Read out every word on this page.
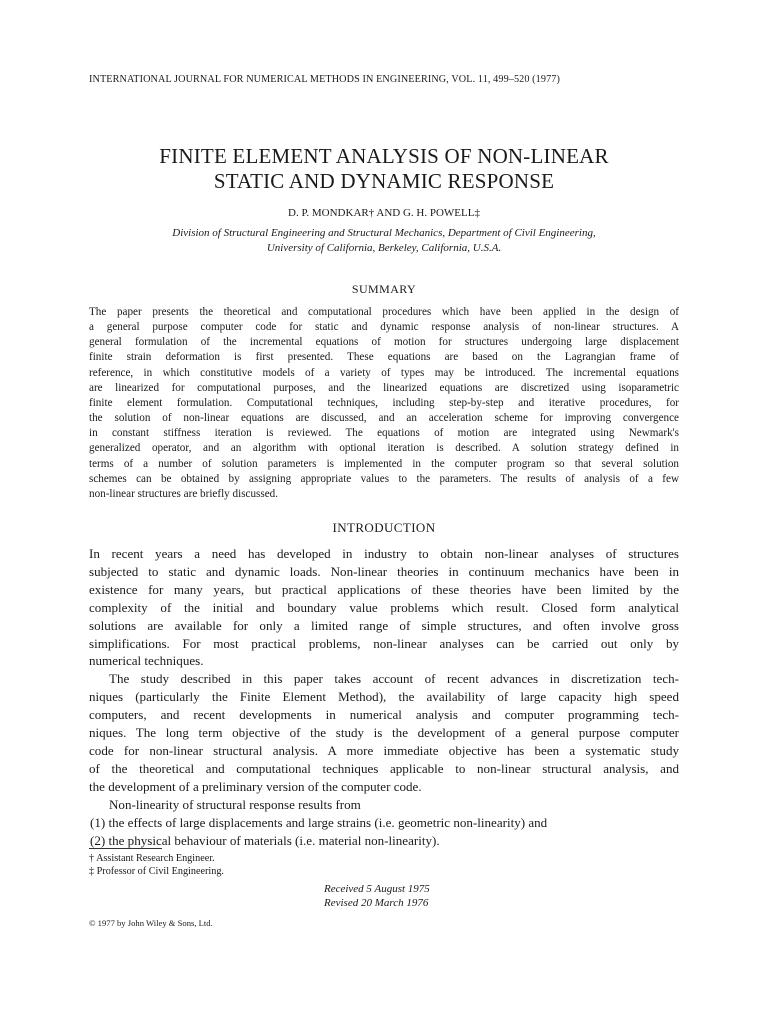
INTERNATIONAL JOURNAL FOR NUMERICAL METHODS IN ENGINEERING, VOL. 11, 499–520 (1977)
FINITE ELEMENT ANALYSIS OF NON-LINEAR
STATIC AND DYNAMIC RESPONSE
D. P. MONDKAR† AND G. H. POWELL‡
Division of Structural Engineering and Structural Mechanics, Department of Civil Engineering,
University of California, Berkeley, California, U.S.A.
SUMMARY
The paper presents the theoretical and computational procedures which have been applied in the design of
a general purpose computer code for static and dynamic response analysis of non-linear structures. A
general formulation of the incremental equations of motion for structures undergoing large displacement
finite strain deformation is first presented. These equations are based on the Lagrangian frame of
reference, in which constitutive models of a variety of types may be introduced. The incremental equations
are linearized for computational purposes, and the linearized equations are discretized using isoparametric
finite element formulation. Computational techniques, including step-by-step and iterative procedures, for
the solution of non-linear equations are discussed, and an acceleration scheme for improving convergence
in constant stiffness iteration is reviewed. The equations of motion are integrated using Newmark's
generalized operator, and an algorithm with optional iteration is described. A solution strategy defined in
terms of a number of solution parameters is implemented in the computer program so that several solution
schemes can be obtained by assigning appropriate values to the parameters. The results of analysis of a few
non-linear structures are briefly discussed.
INTRODUCTION
In recent years a need has developed in industry to obtain non-linear analyses of structures
subjected to static and dynamic loads. Non-linear theories in continuum mechanics have been in
existence for many years, but practical applications of these theories have been limited by the
complexity of the initial and boundary value problems which result. Closed form analytical
solutions are available for only a limited range of simple structures, and often involve gross
simplifications. For most practical problems, non-linear analyses can be carried out only by
numerical techniques.
The study described in this paper takes account of recent advances in discretization tech-
niques (particularly the Finite Element Method), the availability of large capacity high speed
computers, and recent developments in numerical analysis and computer programming tech-
niques. The long term objective of the study is the development of a general purpose computer
code for non-linear structural analysis. A more immediate objective has been a systematic study
of the theoretical and computational techniques applicable to non-linear structural analysis, and
the development of a preliminary version of the computer code.
Non-linearity of structural response results from
(1) the effects of large displacements and large strains (i.e. geometric non-linearity) and
(2) the physical behaviour of materials (i.e. material non-linearity).
† Assistant Research Engineer.
‡ Professor of Civil Engineering.
Received 5 August 1975
Revised 20 March 1976
© 1977 by John Wiley & Sons, Ltd.
